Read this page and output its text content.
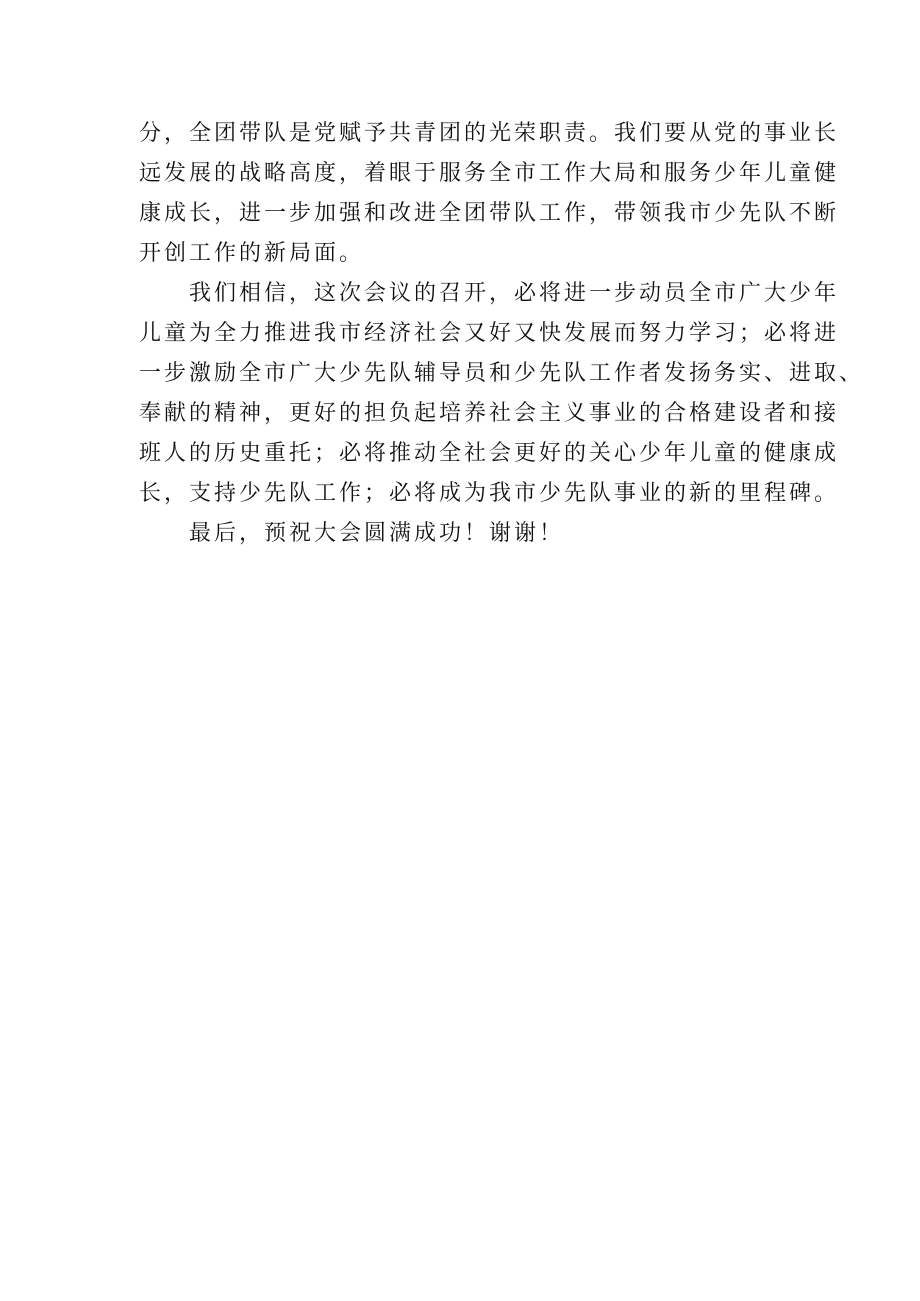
分，全团带队是党赋予共青团的光荣职责。我们要从党的事业长
远发展的战略高度，着眼于服务全市工作大局和服务少年儿童健
康成长，进一步加强和改进全团带队工作，带领我市少先队不断
开创工作的新局面。

我们相信，这次会议的召开，必将进一步动员全市广大少年
儿童为全力推进我市经济社会又好又快发展而努力学习；必将进
一步激励全市广大少先队辅导员和少先队工作者发扬务实、进取、
奉献的精神，更好的担负起培养社会主义事业的合格建设者和接
班人的历史重托；必将推动全社会更好的关心少年儿童的健康成
长，支持少先队工作；必将成为我市少先队事业的新的里程碑。

最后，预祝大会圆满成功！谢谢！
